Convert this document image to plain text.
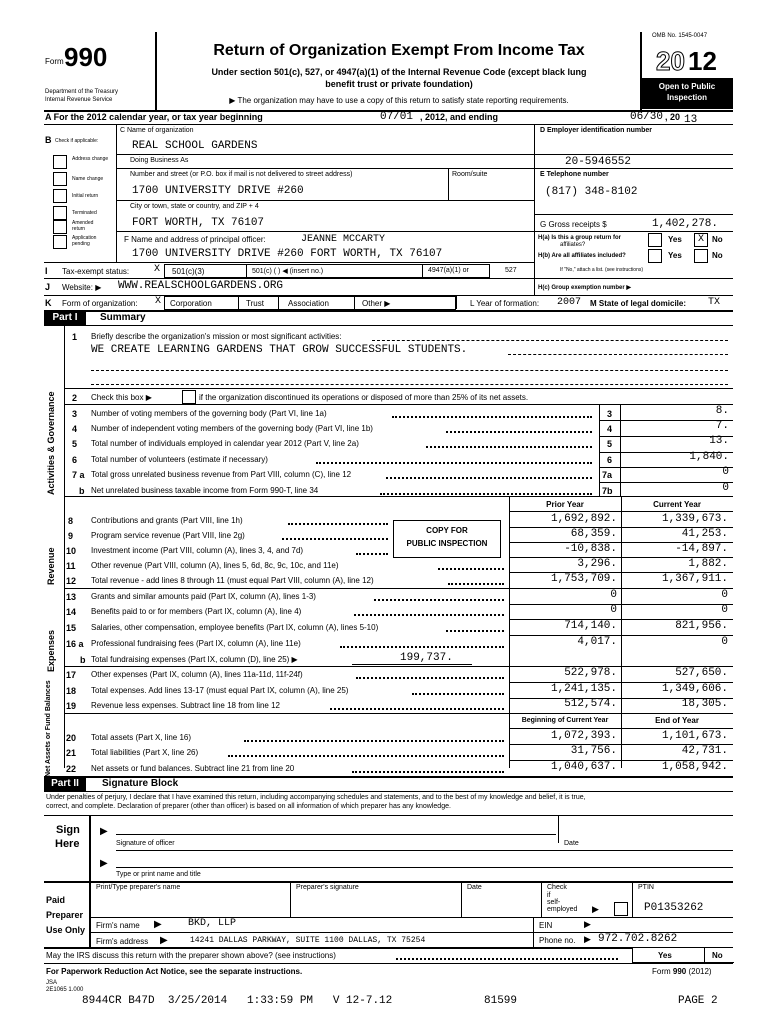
Form 990
Department of the Treasury
Internal Revenue Service
Return of Organization Exempt From Income Tax
Under section 501(c), 527, or 4947(a)(1) of the Internal Revenue Code (except black lung
benefit trust or private foundation)
▶ The organization may have to use a copy of this return to satisfy state reporting requirements.
OMB No. 1545-0047
20 12
Open to Public
Inspection
A For the 2012 calendar year, or tax year beginning	07/01 , 2012, and ending	06/30 , 20 13
B Check if applicable:
Address change
Name change
Initial return
Terminated
Amended return
Application pending
C Name of organization
REAL SCHOOL GARDENS
Doing Business As
Number and street (or P.O. box if mail is not delivered to street address)	Room/suite
1700 UNIVERSITY DRIVE #260
City or town, state or country, and ZIP + 4
FORT WORTH, TX 76107
F Name and address of principal officer:	JEANNE MCCARTY
1700 UNIVERSITY DRIVE #260 FORT WORTH, TX 76107
D Employer identification number
20-5946552
E Telephone number
(817) 348-8102
G Gross receipts $	1,402,278.
H(a) Is this a group return for
affiliates?
Yes	X	No
H(b) Are all affiliates included?	Yes	No
If "No," attach a list. (see instructions)
I Tax-exempt status: X 501(c)(3)	501(c) ( ) ◀ (insert no.)	4947(a)(1) or	527
J Website: ▶ WWW.REALSCHOOLGARDENS.ORG	H(c) Group exemption number ▶
K Form of organization: X Corporation	Trust	Association	Other ▶	L Year of formation: 2007 M State of legal domicile: TX
Part I	Summary
Activities & Governance
Revenue
Expenses
Net Assets or Fund Balances
1 Briefly describe the organization's mission or most significant activities:
WE CREATE LEARNING GARDENS THAT GROW SUCCESSFUL STUDENTS.
2 Check this box ▶	if the organization discontinued its operations or disposed of more than 25% of its net assets.
3 Number of voting members of the governing body (Part VI, line 1a)	3	8.
4 Number of independent voting members of the governing body (Part VI, line 1b)	4	7.
5 Total number of individuals employed in calendar year 2012 (Part V, line 2a)	5	13.
6 Total number of volunteers (estimate if necessary)	6	1,840.
7 a Total gross unrelated business revenue from Part VIII, column (C), line 12	7a	0
b Net unrelated business taxable income from Form 990-T, line 34	7b	0
Prior Year	Current Year
COPY FOR
PUBLIC INSPECTION
8 Contributions and grants (Part VIII, line 1h)	1,692,892.	1,339,673.
9 Program service revenue (Part VIII, line 2g)	68,359.	41,253.
10 Investment income (Part VIII, column (A), lines 3, 4, and 7d)	-10,838.	-14,897.
11 Other revenue (Part VIII, column (A), lines 5, 6d, 8c, 9c, 10c, and 11e)	3,296.	1,882.
12 Total revenue - add lines 8 through 11 (must equal Part VIII, column (A), line 12)	1,753,709.	1,367,911.
13 Grants and similar amounts paid (Part IX, column (A), lines 1-3)	0	0
14 Benefits paid to or for members (Part IX, column (A), line 4)	0	0
15 Salaries, other compensation, employee benefits (Part IX, column (A), lines 5-10)	714,140.	821,956.
16 a Professional fundraising fees (Part IX, column (A), line 11e)	4,017.	0
b Total fundraising expenses (Part IX, column (D), line 25) ▶	199,737.
17 Other expenses (Part IX, column (A), lines 11a-11d, 11f-24f)	522,978.	527,650.
18 Total expenses. Add lines 13-17 (must equal Part IX, column (A), line 25)	1,241,135.	1,349,606.
19 Revenue less expenses. Subtract line 18 from line 12	512,574.	18,305.
Beginning of Current Year	End of Year
20 Total assets (Part X, line 16)	1,072,393.	1,101,673.
21 Total liabilities (Part X, line 26)	31,756.	42,731.
22 Net assets or fund balances. Subtract line 21 from line 20	1,040,637.	1,058,942.
Part II	Signature Block
Under penalties of perjury, I declare that I have examined this return, including accompanying schedules and statements, and to the best of my knowledge and belief, it is true,
correct, and complete. Declaration of preparer (other than officer) is based on all information of which preparer has any knowledge.
Sign
Here
▶
Signature of officer	Date
▶
Type or print name and title
Paid
Preparer
Use Only
Print/Type preparer's name	Preparer's signature	Date	Check
if
self-
employed ▶
PTIN
P01353262
Firm's name ▶	BKD, LLP	EIN	▶
Firm's address ▶	14241 DALLAS PARKWAY, SUITE 1100 DALLAS, TX 75254	Phone no. ▶ 972.702.8262
May the IRS discuss this return with the preparer shown above? (see instructions)	Yes	No
For Paperwork Reduction Act Notice, see the separate instructions.	Form 990 (2012)
JSA
2E1065 1.000
8944CR B47D  3/25/2014   1:33:59 PM   V 12-7.12	81599	PAGE 2
